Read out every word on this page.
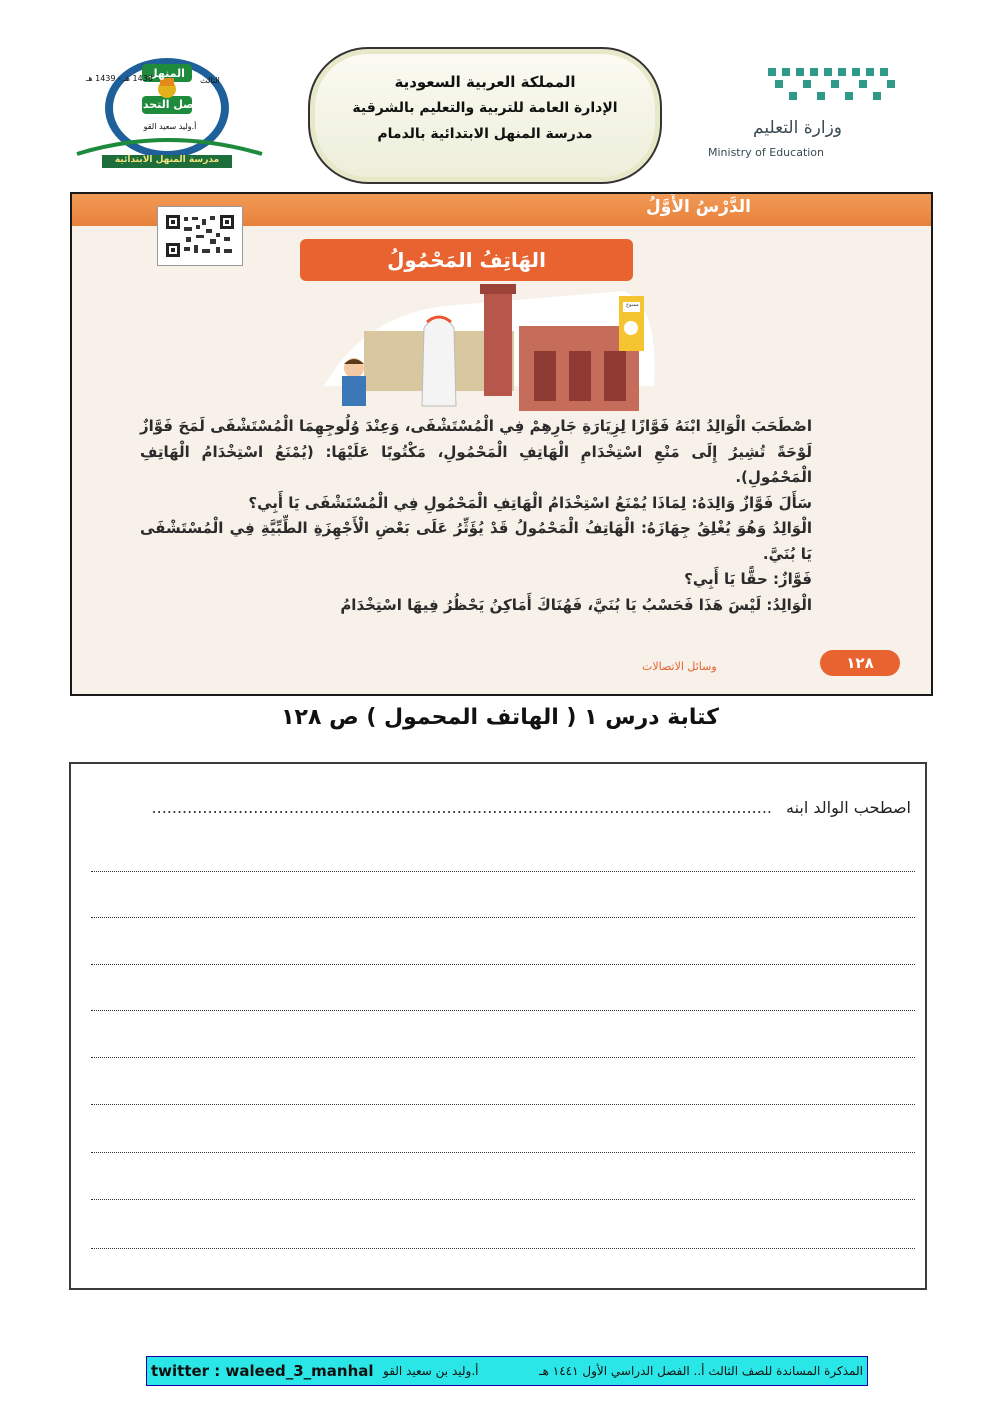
المنهل
فصل التحدي
1438 هـ - 1439 هـ	الثالث
أ.وليد سعيد القو
مدرسة المنهل الابتدائية
المملكة العربية السعودية
الإدارة العامة للتربية والتعليم بالشرقية
مدرسة المنهل الابتدائية بالدمام	وزارة التعليم
Ministry of Education
الدَّرْسُ الأَوَّلُ
الهَاتِفُ المَحْمُولُ
ممنوع

اصْطَحَبَ الْوَالِدُ ابْنَهُ فَوَّازًا لِزِيَارَةِ جَارِهِمْ فِي الْمُسْتَشْفَى، وَعِنْدَ وُلُوجِهِمَا الْمُسْتَشْفَى لَمَحَ فَوَّازٌ لَوْحَةً تُشِيرُ إِلَى مَنْعِ اسْتِخْدَامِ الْهَاتِفِ الْمَحْمُولِ، مَكْتُوبًا عَلَيْهَا: (يُمْنَعُ اسْتِخْدَامُ الْهَاتِفِ الْمَحْمُولِ).

سَأَلَ فَوَّازٌ وَالِدَهُ: لِمَاذَا يُمْنَعُ اسْتِخْدَامُ الْهَاتِفِ الْمَحْمُولِ فِي الْمُسْتَشْفَى يَا أَبِي؟

الْوَالِدُ وَهُوَ يُغْلِقُ جِهَازَهُ: الْهَاتِفُ الْمَحْمُولُ قَدْ يُؤَثِّرُ عَلَى بَعْضِ الْأَجْهِزَةِ الطِّبِّيَّةِ فِي الْمُسْتَشْفَى يَا بُنَيَّ.

فَوَّازٌ: حقًّا يَا أَبِي؟

الْوَالِدُ: لَيْسَ هَذَا فَحَسْبُ يَا بُنَيَّ، فَهُنَاكَ أَمَاكِنُ يَحْظُرُ فِيهَا اسْتِخْدَامُ

١٢٨
وسائل الاتصالات
كتابة درس ١ ( الهاتف المحمول ) ص ١٢٨
اصطحب الوالد ابنه..........................................................................................................................
المذكرة المساندة للصف الثالث أ.. الفصل الدراسي الأول ١٤٤١ هـ
أ.وليد بن سعيد القو
twitter : waleed_3_manhal
